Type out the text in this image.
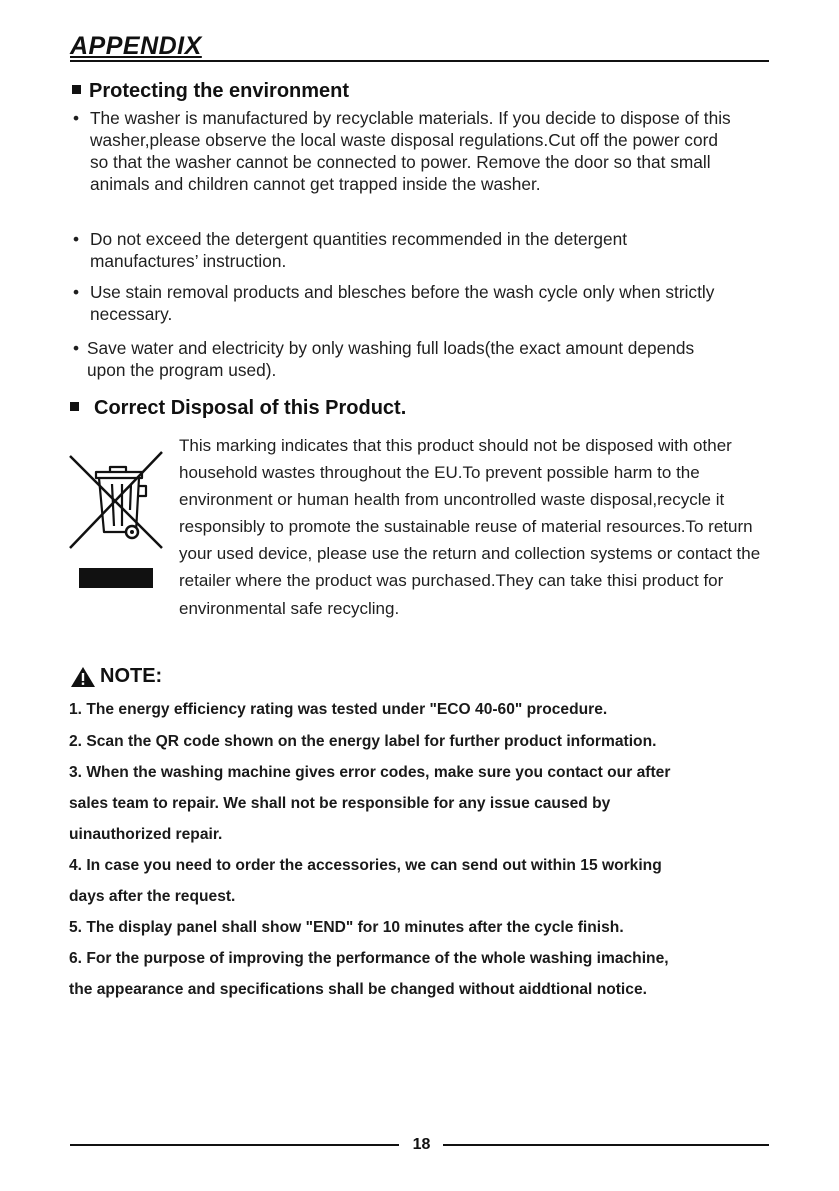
APPENDIX
Protecting the environment
• The washer is manufactured by recyclable materials. If you decide to dispose of this washer,please observe the local waste disposal regulations.Cut off the power cord so that the washer cannot be connected to power. Remove the door so that small animals and children cannot get trapped inside the washer.
• Do not exceed the detergent quantities recommended in the detergent manufactures’ instruction.
• Use stain removal products and blesches before the wash cycle only when strictly necessary.
• Save water and electricity by only washing full loads(the exact amount depends upon the program used).
Correct Disposal of this Product.
This marking indicates that this product should not be disposed with other household wastes throughout the EU.To prevent possible harm to the environment or human health from uncontrolled waste disposal,recycle it responsibly to promote the sustainable reuse of material resources.To return your used device, please use the return and collection systems or contact the retailer where the product was purchased.They can take thisi product for environmental safe recycling.
NOTE:
1. The energy efficiency rating was tested under "ECO 40-60" procedure.
2. Scan the QR code shown on the energy label for further product information.
3. When the washing machine gives error codes, make sure you contact our after
sales team to repair. We shall not be responsible for any issue caused by
uinauthorized repair.
4. In case you need to order the accessories, we can send out within 15 working
days after the request.
5. The display panel shall show "END" for 10 minutes after the cycle finish.
6. For the purpose of improving the performance of the whole washing imachine,
the appearance and specifications shall be changed without aiddtional notice.
18
